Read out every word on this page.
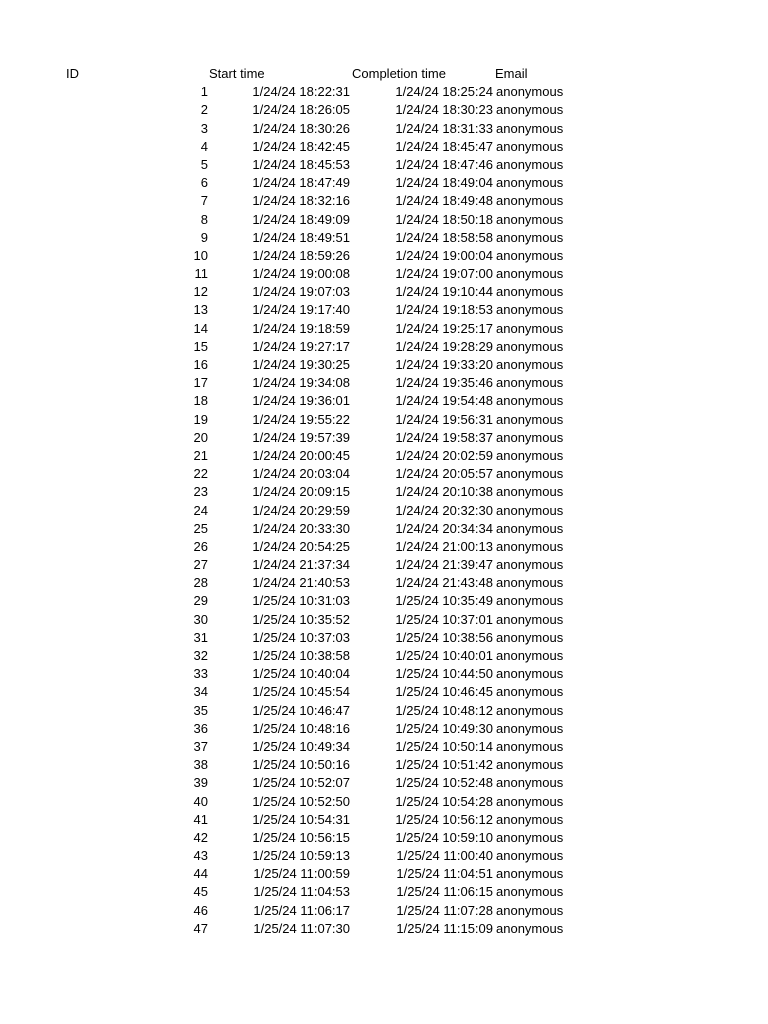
ID	Start time	Completion time	Email
1	1/24/24 18:22:31	1/24/24 18:25:24 anonymous
2	1/24/24 18:26:05	1/24/24 18:30:23 anonymous
3	1/24/24 18:30:26	1/24/24 18:31:33 anonymous
4	1/24/24 18:42:45	1/24/24 18:45:47 anonymous
5	1/24/24 18:45:53	1/24/24 18:47:46 anonymous
6	1/24/24 18:47:49	1/24/24 18:49:04 anonymous
7	1/24/24 18:32:16	1/24/24 18:49:48 anonymous
8	1/24/24 18:49:09	1/24/24 18:50:18 anonymous
9	1/24/24 18:49:51	1/24/24 18:58:58 anonymous
10	1/24/24 18:59:26	1/24/24 19:00:04 anonymous
11	1/24/24 19:00:08	1/24/24 19:07:00 anonymous
12	1/24/24 19:07:03	1/24/24 19:10:44 anonymous
13	1/24/24 19:17:40	1/24/24 19:18:53 anonymous
14	1/24/24 19:18:59	1/24/24 19:25:17 anonymous
15	1/24/24 19:27:17	1/24/24 19:28:29 anonymous
16	1/24/24 19:30:25	1/24/24 19:33:20 anonymous
17	1/24/24 19:34:08	1/24/24 19:35:46 anonymous
18	1/24/24 19:36:01	1/24/24 19:54:48 anonymous
19	1/24/24 19:55:22	1/24/24 19:56:31 anonymous
20	1/24/24 19:57:39	1/24/24 19:58:37 anonymous
21	1/24/24 20:00:45	1/24/24 20:02:59 anonymous
22	1/24/24 20:03:04	1/24/24 20:05:57 anonymous
23	1/24/24 20:09:15	1/24/24 20:10:38 anonymous
24	1/24/24 20:29:59	1/24/24 20:32:30 anonymous
25	1/24/24 20:33:30	1/24/24 20:34:34 anonymous
26	1/24/24 20:54:25	1/24/24 21:00:13 anonymous
27	1/24/24 21:37:34	1/24/24 21:39:47 anonymous
28	1/24/24 21:40:53	1/24/24 21:43:48 anonymous
29	1/25/24 10:31:03	1/25/24 10:35:49 anonymous
30	1/25/24 10:35:52	1/25/24 10:37:01 anonymous
31	1/25/24 10:37:03	1/25/24 10:38:56 anonymous
32	1/25/24 10:38:58	1/25/24 10:40:01 anonymous
33	1/25/24 10:40:04	1/25/24 10:44:50 anonymous
34	1/25/24 10:45:54	1/25/24 10:46:45 anonymous
35	1/25/24 10:46:47	1/25/24 10:48:12 anonymous
36	1/25/24 10:48:16	1/25/24 10:49:30 anonymous
37	1/25/24 10:49:34	1/25/24 10:50:14 anonymous
38	1/25/24 10:50:16	1/25/24 10:51:42 anonymous
39	1/25/24 10:52:07	1/25/24 10:52:48 anonymous
40	1/25/24 10:52:50	1/25/24 10:54:28 anonymous
41	1/25/24 10:54:31	1/25/24 10:56:12 anonymous
42	1/25/24 10:56:15	1/25/24 10:59:10 anonymous
43	1/25/24 10:59:13	1/25/24 11:00:40 anonymous
44	1/25/24 11:00:59	1/25/24 11:04:51 anonymous
45	1/25/24 11:04:53	1/25/24 11:06:15 anonymous
46	1/25/24 11:06:17	1/25/24 11:07:28 anonymous
47	1/25/24 11:07:30	1/25/24 11:15:09 anonymous
